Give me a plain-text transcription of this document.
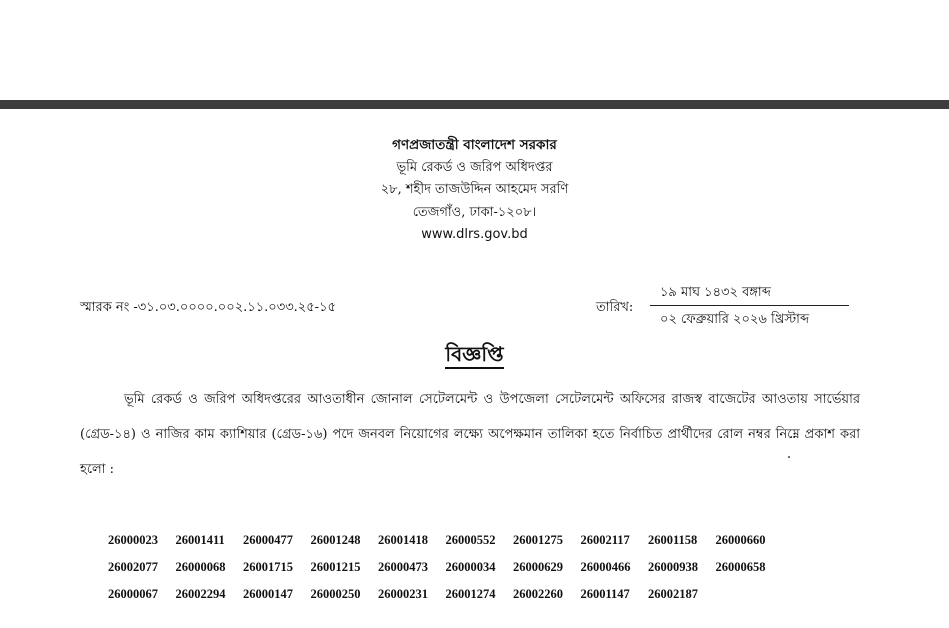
গণপ্রজাতন্ত্রী বাংলাদেশ সরকার
ভূমি রেকর্ড ও জরিপ অধিদপ্তর
২৮, শহীদ তাজউদ্দিন আহমেদ সরণি
তেজগাঁও, ঢাকা-১২০৮।
www.dlrs.gov.bd
স্মারক নং -৩১.০৩.০০০০.০০২.১১.০৩৩.২৫-১৫	তারিখ:
১৯ মাঘ ১৪৩২ বঙ্গাব্দ
০২ ফেব্রুয়ারি ২০২৬ খ্রিস্টাব্দ
বিজ্ঞপ্তি
ভূমি রেকর্ড ও জরিপ অধিদপ্তরের আওতাধীন জোনাল সেটেলমেন্ট ও উপজেলা সেটেলমেন্ট অফিসের রাজস্ব বাজেটের আওতায় সার্ভেয়ার (গ্রেড-১৪) ও নাজির কাম ক্যাশিয়ার (গ্রেড-১৬) পদে জনবল নিয়োগের লক্ষ্যে অপেক্ষমান তালিকা হতে নির্বাচিত প্রার্থীদের রোল নম্বর নিম্নে প্রকাশ করা হলো :
26000023	26001411	26000477	26001248	26001418	26000552	26001275	26002117	26001158	26000660
26002077	26000068	26001715	26001215	26000473	26000034	26000629	26000466	26000938	26000658
26000067	26002294	26000147	26000250	26000231	26001274	26002260	26001147	26002187
